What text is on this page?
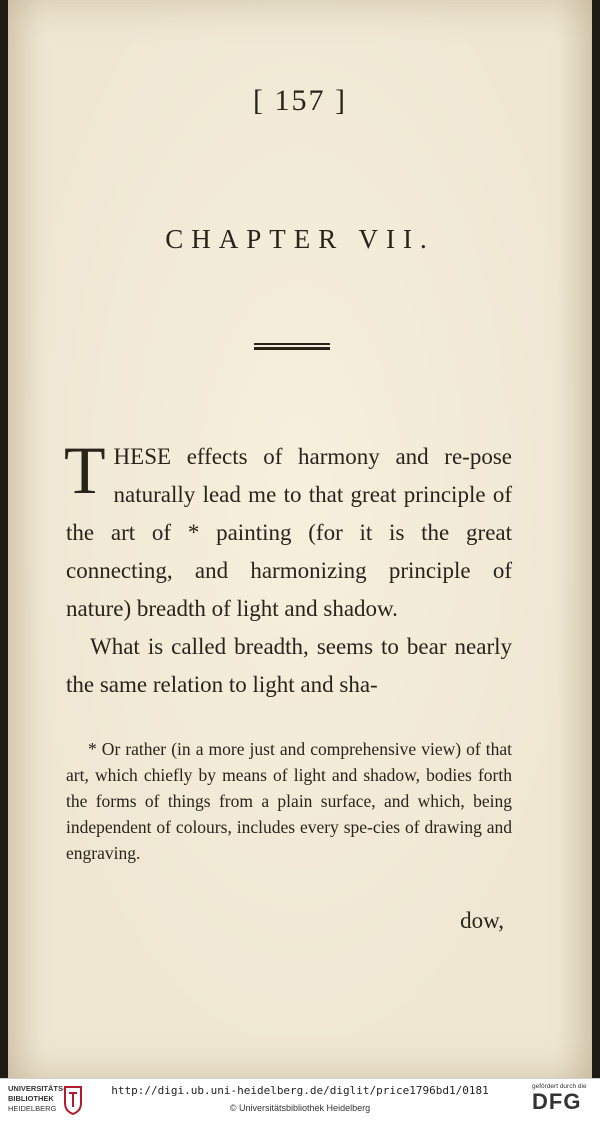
[ 157 ]
CHAPTER VII.

T HESE effects of harmony and re-pose naturally lead me to that great principle of the art of * painting (for it is the great connecting, and harmonizing principle of nature) breadth of light and shadow.

What is called breadth, seems to bear nearly the same relation to light and sha-

* Or rather (in a more just and comprehensive view) of that art, which chiefly by means of light and shadow, bodies forth the forms of things from a plain surface, and which, being independent of colours, includes every spe-cies of drawing and engraving.

dow,
UNIVERSITÄTS-
BIBLIOTHEK
HEIDELBERG
http://digi.ub.uni-heidelberg.de/diglit/price1796bd1/0181
© Universitätsbibliothek Heidelberg
gefördert durch die
DFG
